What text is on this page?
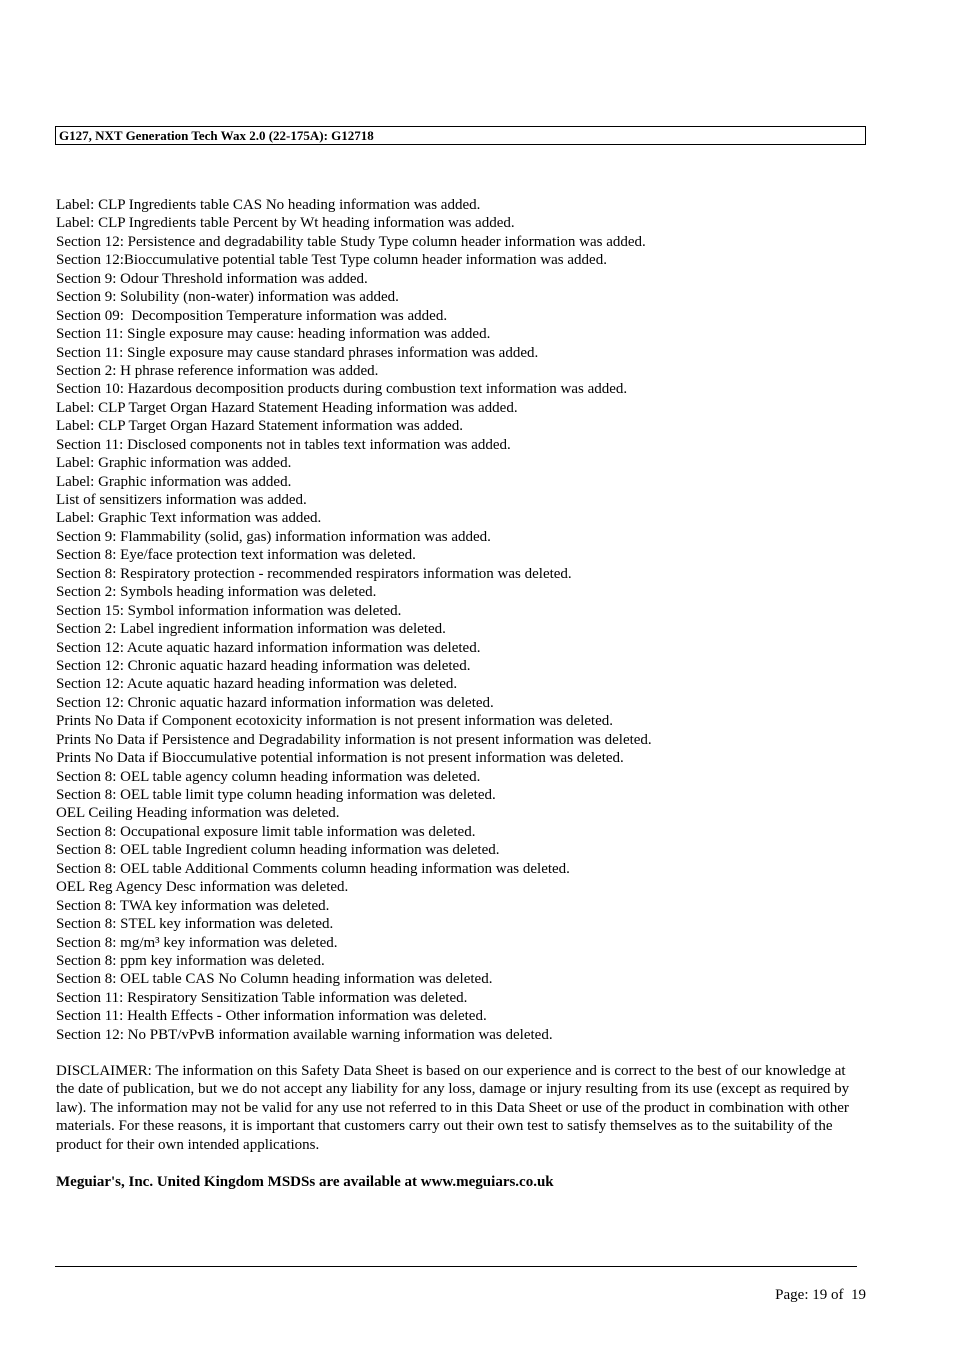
G127, NXT Generation Tech Wax 2.0 (22-175A): G12718
Label: CLP Ingredients table CAS No heading information was added.
Label: CLP Ingredients table Percent by Wt heading information was added.
Section 12: Persistence and degradability table Study Type column header information was added.
Section 12:Bioccumulative potential table Test Type column header information was added.
Section 9: Odour Threshold information was added.
Section 9: Solubility (non-water) information was added.
Section 09:  Decomposition Temperature information was added.
Section 11: Single exposure may cause: heading information was added.
Section 11: Single exposure may cause standard phrases information was added.
Section 2: H phrase reference information was added.
Section 10: Hazardous decomposition products during combustion text information was added.
Label: CLP Target Organ Hazard Statement Heading information was added.
Label: CLP Target Organ Hazard Statement information was added.
Section 11: Disclosed components not in tables text information was added.
Label: Graphic information was added.
Label: Graphic information was added.
List of sensitizers information was added.
Label: Graphic Text information was added.
Section 9: Flammability (solid, gas) information information was added.
Section 8: Eye/face protection text information was deleted.
Section 8: Respiratory protection - recommended respirators information was deleted.
Section 2: Symbols heading information was deleted.
Section 15: Symbol information information was deleted.
Section 2: Label ingredient information information was deleted.
Section 12: Acute aquatic hazard information information was deleted.
Section 12: Chronic aquatic hazard heading information was deleted.
Section 12: Acute aquatic hazard heading information was deleted.
Section 12: Chronic aquatic hazard information information was deleted.
Prints No Data if Component ecotoxicity information is not present information was deleted.
Prints No Data if Persistence and Degradability information is not present information was deleted.
Prints No Data if Bioccumulative potential information is not present information was deleted.
Section 8: OEL table agency column heading information was deleted.
Section 8: OEL table limit type column heading information was deleted.
OEL Ceiling Heading information was deleted.
Section 8: Occupational exposure limit table information was deleted.
Section 8: OEL table Ingredient column heading information was deleted.
Section 8: OEL table Additional Comments column heading information was deleted.
OEL Reg Agency Desc information was deleted.
Section 8: TWA key information was deleted.
Section 8: STEL key information was deleted.
Section 8: mg/m³ key information was deleted.
Section 8: ppm key information was deleted.
Section 8: OEL table CAS No Column heading information was deleted.
Section 11: Respiratory Sensitization Table information was deleted.
Section 11: Health Effects - Other information information was deleted.
Section 12: No PBT/vPvB information available warning information was deleted.

DISCLAIMER: The information on this Safety Data Sheet is based on our experience and is correct to the best of our knowledge at the date of publication, but we do not accept any liability for any loss, damage or injury resulting from its use (except as required by law). The information may not be valid for any use not referred to in this Data Sheet or use of the product in combination with other materials. For these reasons, it is important that customers carry out their own test to satisfy themselves as to the suitability of the product for their own intended applications.

Meguiar's, Inc. United Kingdom MSDSs are available at www.meguiars.co.uk
Page: 19 of  19
